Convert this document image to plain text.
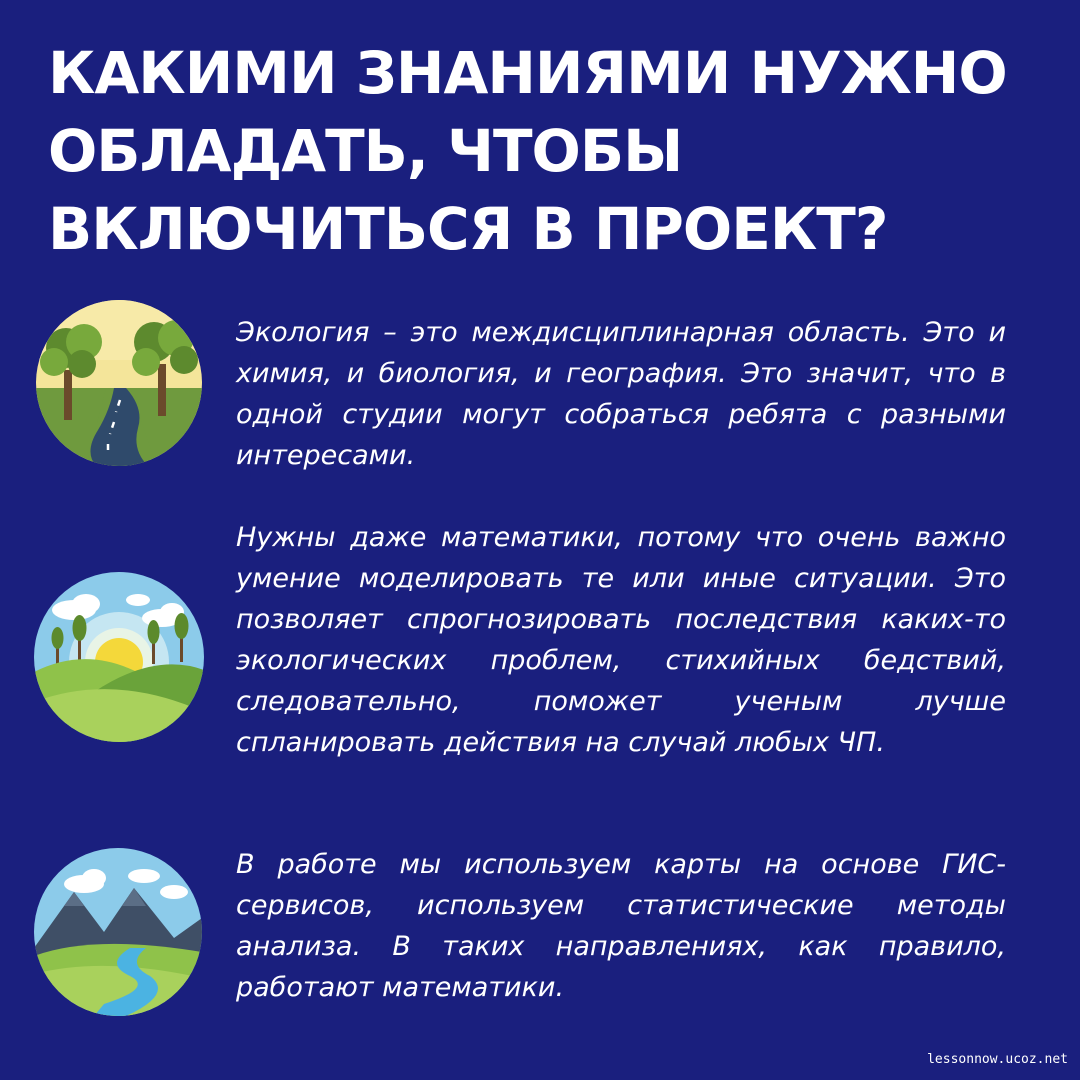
КАКИМИ ЗНАНИЯМИ НУЖНО
ОБЛАДАТЬ, ЧТОБЫ
ВКЛЮЧИТЬСЯ В ПРОЕКТ?

Экология – это междисциплинарная область. Это и химия, и биология, и география. Это значит, что в одной студии могут собраться ребята с разными интересами.

Нужны даже математики, потому что очень важно умение моделировать те или иные ситуации. Это позволяет спрогнозировать последствия каких-то экологических проблем, стихийных бедствий, следовательно, поможет ученым лучше спланировать действия на случай любых ЧП.

В работе мы используем карты на основе ГИС-сервисов, используем статистические методы анализа. В таких направлениях, как правило, работают математики.

lessonnow.ucoz.net
